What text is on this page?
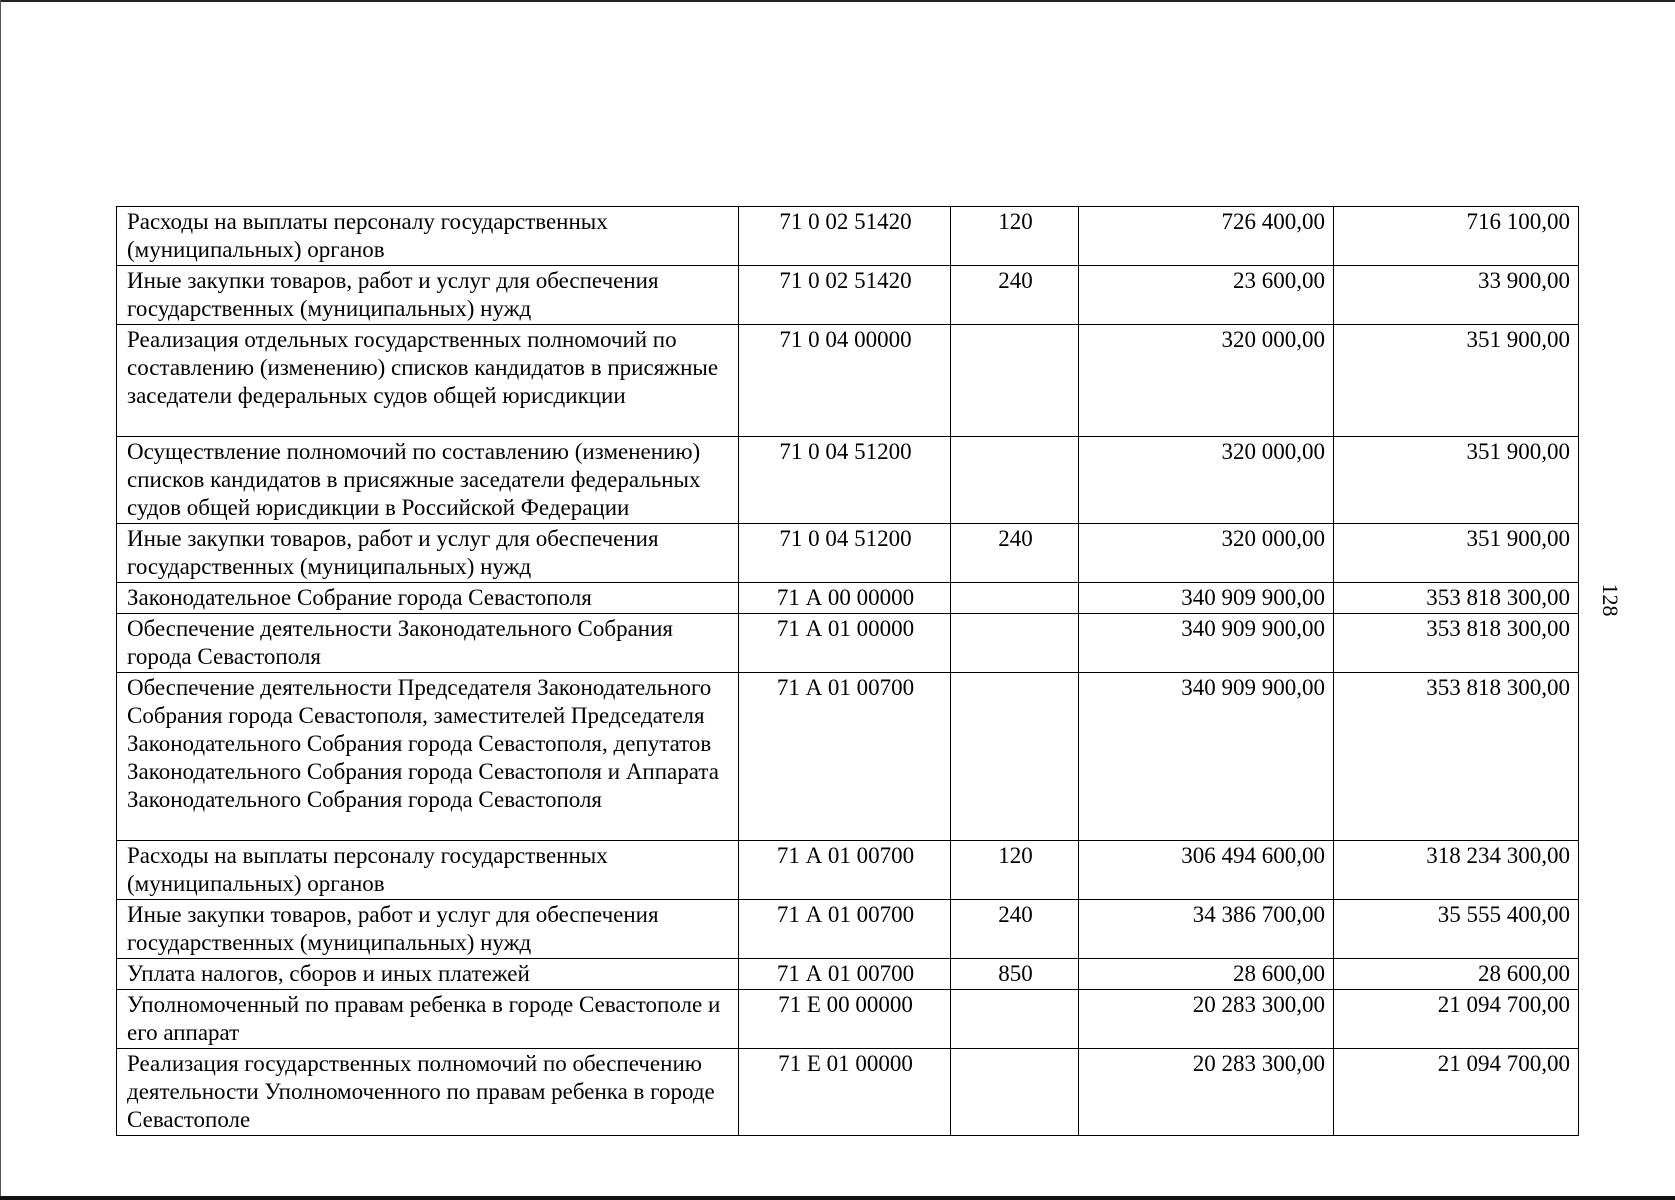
128
Расходы на выплаты персоналу государственных (муниципальных) органов	71 0 02 51420	120	726 400,00	716 100,00
Иные закупки товаров, работ и услуг для обеспечения государственных (муниципальных) нужд	71 0 02 51420	240	23 600,00	33 900,00
Реализация отдельных государственных полномочий по составлению (изменению) списков кандидатов в присяжные заседатели федеральных судов общей юрисдикции	71 0 04 00000		320 000,00	351 900,00
Осуществление полномочий по составлению (изменению) списков кандидатов в присяжные заседатели федеральных судов общей юрисдикции в Российской Федерации	71 0 04 51200		320 000,00	351 900,00
Иные закупки товаров, работ и услуг для обеспечения государственных (муниципальных) нужд	71 0 04 51200	240	320 000,00	351 900,00
Законодательное Собрание города Севастополя	71 А 00 00000		340 909 900,00	353 818 300,00
Обеспечение деятельности Законодательного Собрания города Севастополя	71 А 01 00000		340 909 900,00	353 818 300,00
Обеспечение деятельности Председателя Законодательного Собрания города Севастополя, заместителей Председателя Законодательного Собрания города Севастополя, депутатов Законодательного Собрания города Севастополя и Аппарата Законодательного Собрания города Севастополя	71 А 01 00700		340 909 900,00	353 818 300,00
Расходы на выплаты персоналу государственных (муниципальных) органов	71 А 01 00700	120	306 494 600,00	318 234 300,00
Иные закупки товаров, работ и услуг для обеспечения государственных (муниципальных) нужд	71 А 01 00700	240	34 386 700,00	35 555 400,00
Уплата налогов, сборов и иных платежей	71 А 01 00700	850	28 600,00	28 600,00
Уполномоченный по правам ребенка в городе Севастополе и его аппарат	71 Е 00 00000		20 283 300,00	21 094 700,00
Реализация государственных полномочий по обеспечению деятельности Уполномоченного по правам ребенка в городе Севастополе	71 Е 01 00000		20 283 300,00	21 094 700,00
